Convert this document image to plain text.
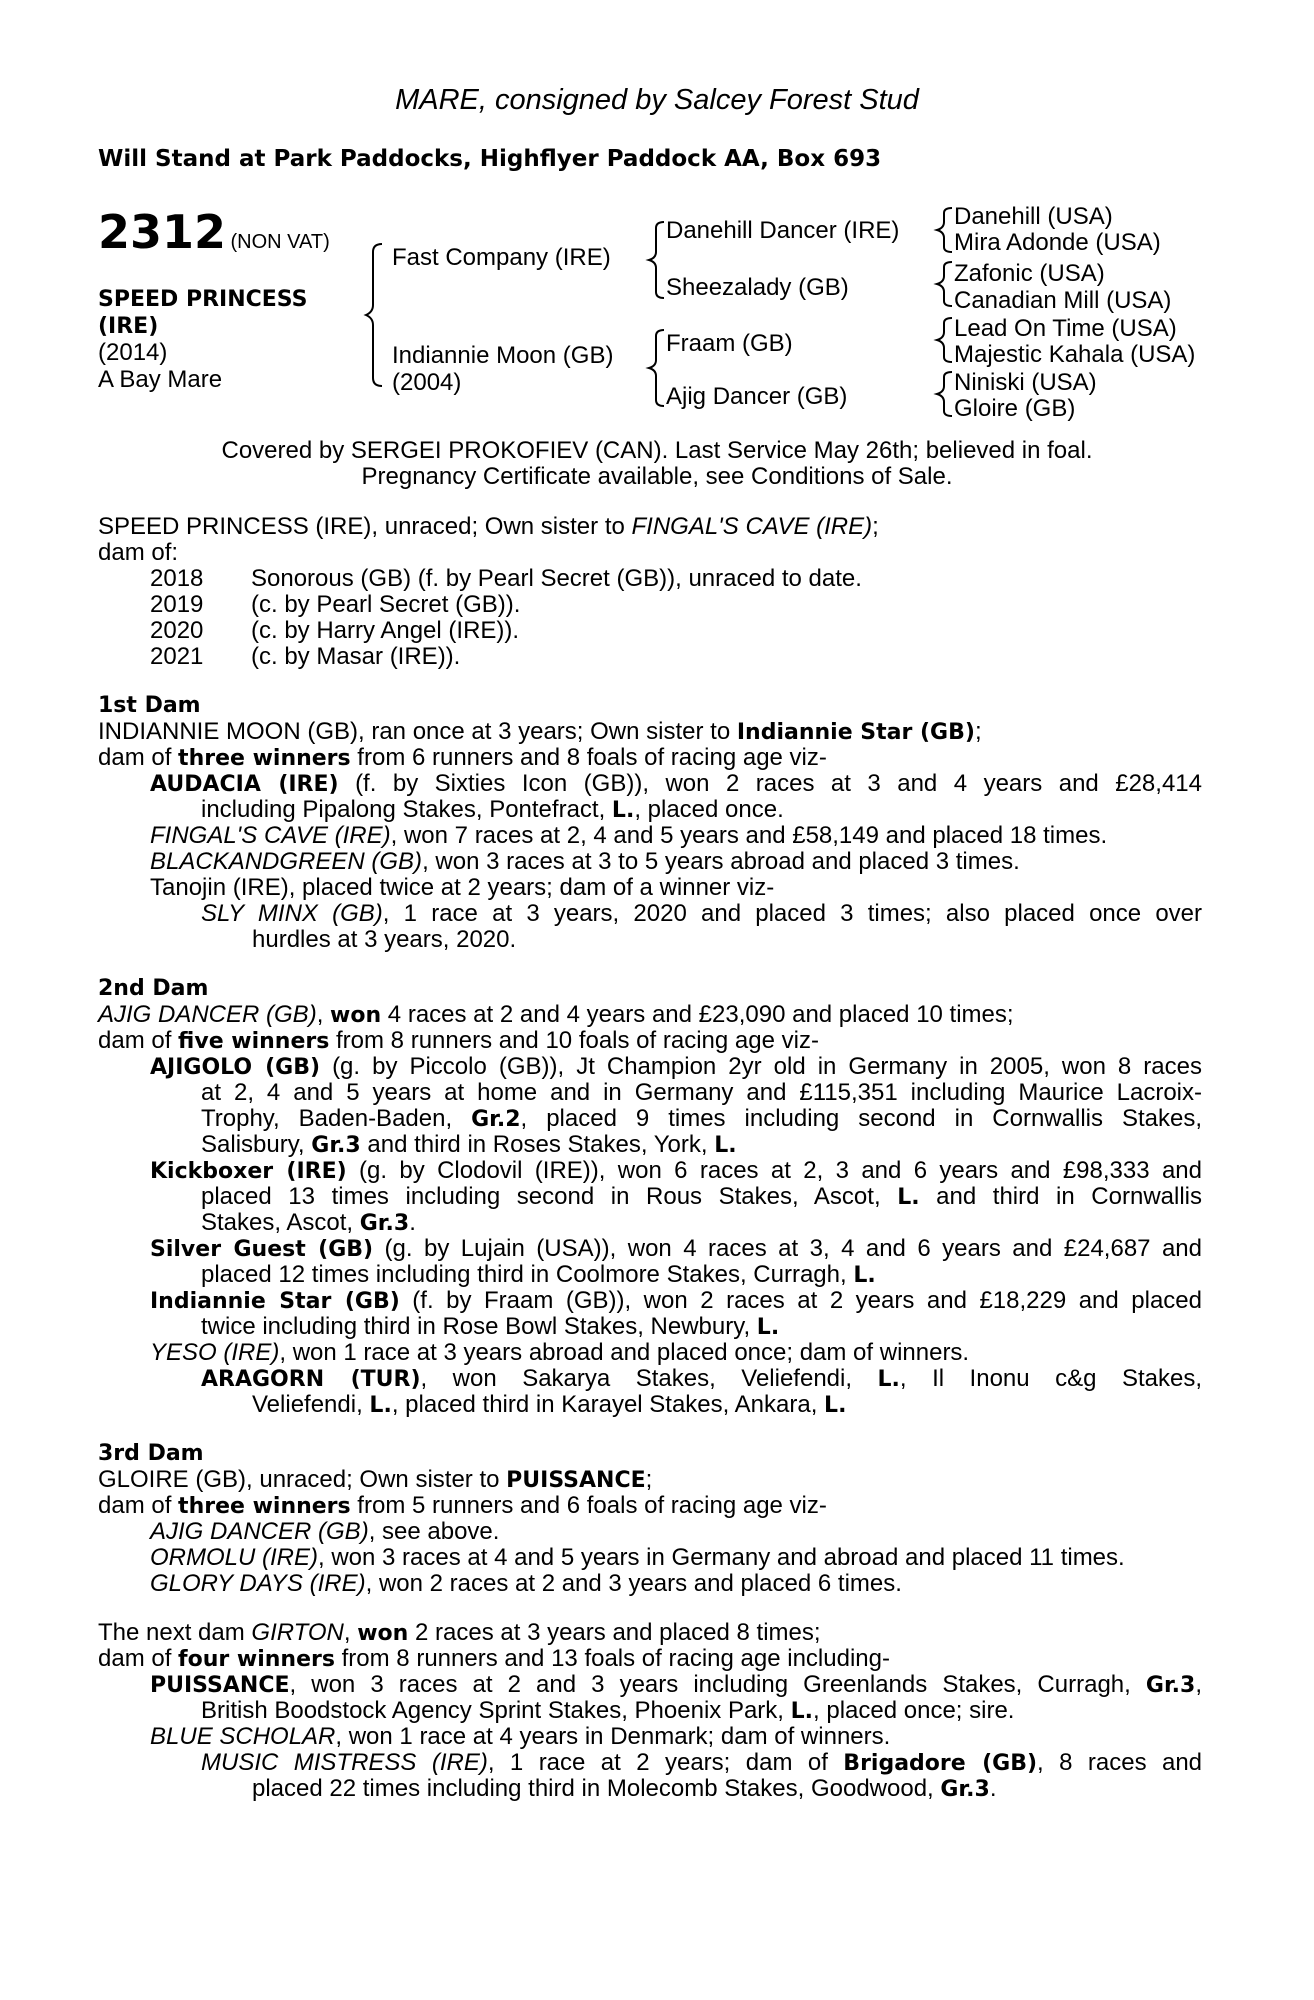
MARE, consigned by Salcey Forest Stud
Will Stand at Park Paddocks, Highflyer Paddock AA, Box 693
2312 (NON VAT)
SPEED PRINCESS
(IRE)
(2014)
A Bay Mare
Fast Company (IRE)
Indiannie Moon (GB)
(2004)
Danehill Dancer (IRE)
Sheezalady (GB)
Fraam (GB)
Ajig Dancer (GB)
Danehill (USA)
Mira Adonde (USA)
Zafonic (USA)
Canadian Mill (USA)
Lead On Time (USA)
Majestic Kahala (USA)
Niniski (USA)
Gloire (GB)
Covered by SERGEI PROKOFIEV (CAN). Last Service May 26th; believed in foal.
Pregnancy Certificate available, see Conditions of Sale.
SPEED PRINCESS (IRE), unraced; Own sister to FINGAL'S CAVE (IRE);
dam of:
2018 Sonorous (GB) (f. by Pearl Secret (GB)), unraced to date.
2019 (c. by Pearl Secret (GB)).
2020 (c. by Harry Angel (IRE)).
2021 (c. by Masar (IRE)).
1st Dam
INDIANNIE MOON (GB), ran once at 3 years; Own sister to Indiannie Star (GB);
dam of three winners from 6 runners and 8 foals of racing age viz-
AUDACIA (IRE) (f. by Sixties Icon (GB)), won 2 races at 3 and 4 years and £28,414
including Pipalong Stakes, Pontefract, L., placed once.
FINGAL'S CAVE (IRE), won 7 races at 2, 4 and 5 years and £58,149 and placed 18 times.
BLACKANDGREEN (GB), won 3 races at 3 to 5 years abroad and placed 3 times.
Tanojin (IRE), placed twice at 2 years; dam of a winner viz-
SLY MINX (GB), 1 race at 3 years, 2020 and placed 3 times; also placed once over
hurdles at 3 years, 2020.
2nd Dam
AJIG DANCER (GB), won 4 races at 2 and 4 years and £23,090 and placed 10 times;
dam of five winners from 8 runners and 10 foals of racing age viz-
AJIGOLO (GB) (g. by Piccolo (GB)), Jt Champion 2yr old in Germany in 2005, won 8 races
at 2, 4 and 5 years at home and in Germany and £115,351 including Maurice Lacroix-
Trophy, Baden-Baden, Gr.2, placed 9 times including second in Cornwallis Stakes,
Salisbury, Gr.3 and third in Roses Stakes, York, L.
Kickboxer (IRE) (g. by Clodovil (IRE)), won 6 races at 2, 3 and 6 years and £98,333 and
placed 13 times including second in Rous Stakes, Ascot, L. and third in Cornwallis
Stakes, Ascot, Gr.3.
Silver Guest (GB) (g. by Lujain (USA)), won 4 races at 3, 4 and 6 years and £24,687 and
placed 12 times including third in Coolmore Stakes, Curragh, L.
Indiannie Star (GB) (f. by Fraam (GB)), won 2 races at 2 years and £18,229 and placed
twice including third in Rose Bowl Stakes, Newbury, L.
YESO (IRE), won 1 race at 3 years abroad and placed once; dam of winners.
ARAGORN (TUR), won Sakarya Stakes, Veliefendi, L., Il Inonu c&g Stakes,
Veliefendi, L., placed third in Karayel Stakes, Ankara, L.
3rd Dam
GLOIRE (GB), unraced; Own sister to PUISSANCE;
dam of three winners from 5 runners and 6 foals of racing age viz-
AJIG DANCER (GB), see above.
ORMOLU (IRE), won 3 races at 4 and 5 years in Germany and abroad and placed 11 times.
GLORY DAYS (IRE), won 2 races at 2 and 3 years and placed 6 times.
The next dam GIRTON, won 2 races at 3 years and placed 8 times;
dam of four winners from 8 runners and 13 foals of racing age including-
PUISSANCE, won 3 races at 2 and 3 years including Greenlands Stakes, Curragh, Gr.3,
British Boodstock Agency Sprint Stakes, Phoenix Park, L., placed once; sire.
BLUE SCHOLAR, won 1 race at 4 years in Denmark; dam of winners.
MUSIC MISTRESS (IRE), 1 race at 2 years; dam of Brigadore (GB), 8 races and
placed 22 times including third in Molecomb Stakes, Goodwood, Gr.3.
